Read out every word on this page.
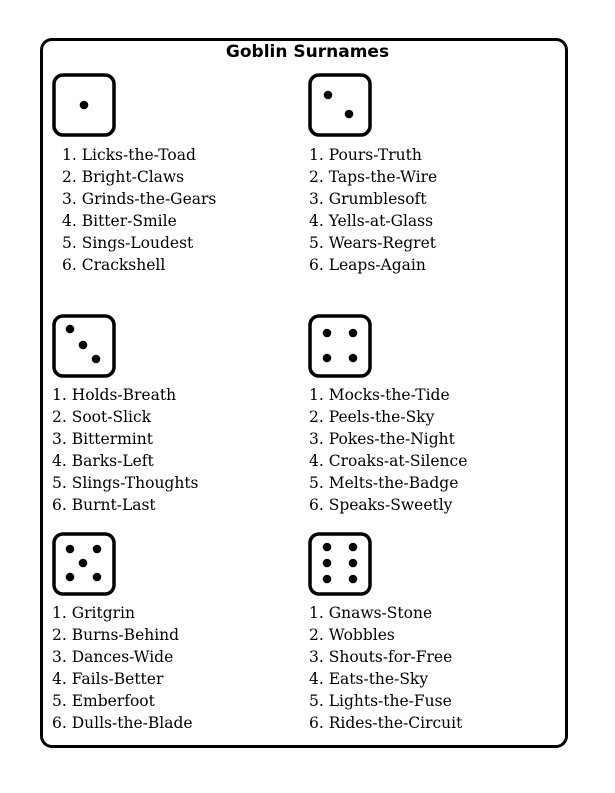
Goblin Surnames
1. Licks-the-Toad
2. Bright-Claws
3. Grinds-the-Gears
4. Bitter-Smile
5. Sings-Loudest
6. Crackshell
1. Pours-Truth
2. Taps-the-Wire
3. Grumblesoft
4. Yells-at-Glass
5. Wears-Regret
6. Leaps-Again
1. Holds-Breath
2. Soot-Slick
3. Bittermint
4. Barks-Left
5. Slings-Thoughts
6. Burnt-Last
1. Mocks-the-Tide
2. Peels-the-Sky
3. Pokes-the-Night
4. Croaks-at-Silence
5. Melts-the-Badge
6. Speaks-Sweetly
1. Gritgrin
2. Burns-Behind
3. Dances-Wide
4. Fails-Better
5. Emberfoot
6. Dulls-the-Blade
1. Gnaws-Stone
2. Wobbles
3. Shouts-for-Free
4. Eats-the-Sky
5. Lights-the-Fuse
6. Rides-the-Circuit
